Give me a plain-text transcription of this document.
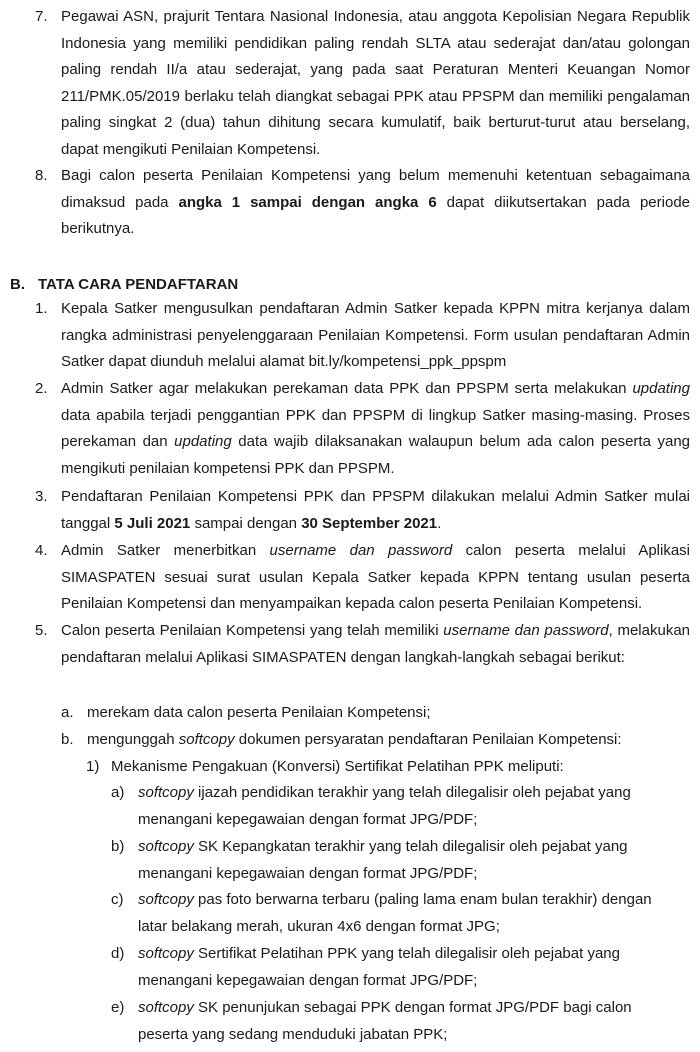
7. Pegawai ASN, prajurit Tentara Nasional Indonesia, atau anggota Kepolisian Negara Republik Indonesia yang memiliki pendidikan paling rendah SLTA atau sederajat dan/atau golongan paling rendah II/a atau sederajat, yang pada saat Peraturan Menteri Keuangan Nomor 211/PMK.05/2019 berlaku telah diangkat sebagai PPK atau PPSPM dan memiliki pengalaman paling singkat 2 (dua) tahun dihitung secara kumulatif, baik berturut-turut atau berselang, dapat mengikuti Penilaian Kompetensi.
8. Bagi calon peserta Penilaian Kompetensi yang belum memenuhi ketentuan sebagaimana dimaksud pada angka 1 sampai dengan angka 6 dapat diikutsertakan pada periode berikutnya.
B. TATA CARA PENDAFTARAN
1. Kepala Satker mengusulkan pendaftaran Admin Satker kepada KPPN mitra kerjanya dalam rangka administrasi penyelenggaraan Penilaian Kompetensi. Form usulan pendaftaran Admin Satker dapat diunduh melalui alamat bit.ly/kompetensi_ppk_ppspm
2. Admin Satker agar melakukan perekaman data PPK dan PPSPM serta melakukan updating data apabila terjadi penggantian PPK dan PPSPM di lingkup Satker masing-masing. Proses perekaman dan updating data wajib dilaksanakan walaupun belum ada calon peserta yang mengikuti penilaian kompetensi PPK dan PPSPM.
3. Pendaftaran Penilaian Kompetensi PPK dan PPSPM dilakukan melalui Admin Satker mulai tanggal 5 Juli 2021 sampai dengan 30 September 2021.
4. Admin Satker menerbitkan username dan password calon peserta melalui Aplikasi SIMASPATEN sesuai surat usulan Kepala Satker kepada KPPN tentang usulan peserta Penilaian Kompetensi dan menyampaikan kepada calon peserta Penilaian Kompetensi.
5. Calon peserta Penilaian Kompetensi yang telah memiliki username dan password, melakukan pendaftaran melalui Aplikasi SIMASPATEN dengan langkah-langkah sebagai berikut:
a. merekam data calon peserta Penilaian Kompetensi;
b. mengunggah softcopy dokumen persyaratan pendaftaran Penilaian Kompetensi:
1) Mekanisme Pengakuan (Konversi) Sertifikat Pelatihan PPK meliputi:
a) softcopy ijazah pendidikan terakhir yang telah dilegalisir oleh pejabat yang menangani kepegawaian dengan format JPG/PDF;
b) softcopy SK Kepangkatan terakhir yang telah dilegalisir oleh pejabat yang menangani kepegawaian dengan format JPG/PDF;
c) softcopy pas foto berwarna terbaru (paling lama enam bulan terakhir) dengan latar belakang merah, ukuran 4x6 dengan format JPG;
d) softcopy Sertifikat Pelatihan PPK yang telah dilegalisir oleh pejabat yang menangani kepegawaian dengan format JPG/PDF;
e) softcopy SK penunjukan sebagai PPK dengan format JPG/PDF bagi calon peserta yang sedang menduduki jabatan PPK;
